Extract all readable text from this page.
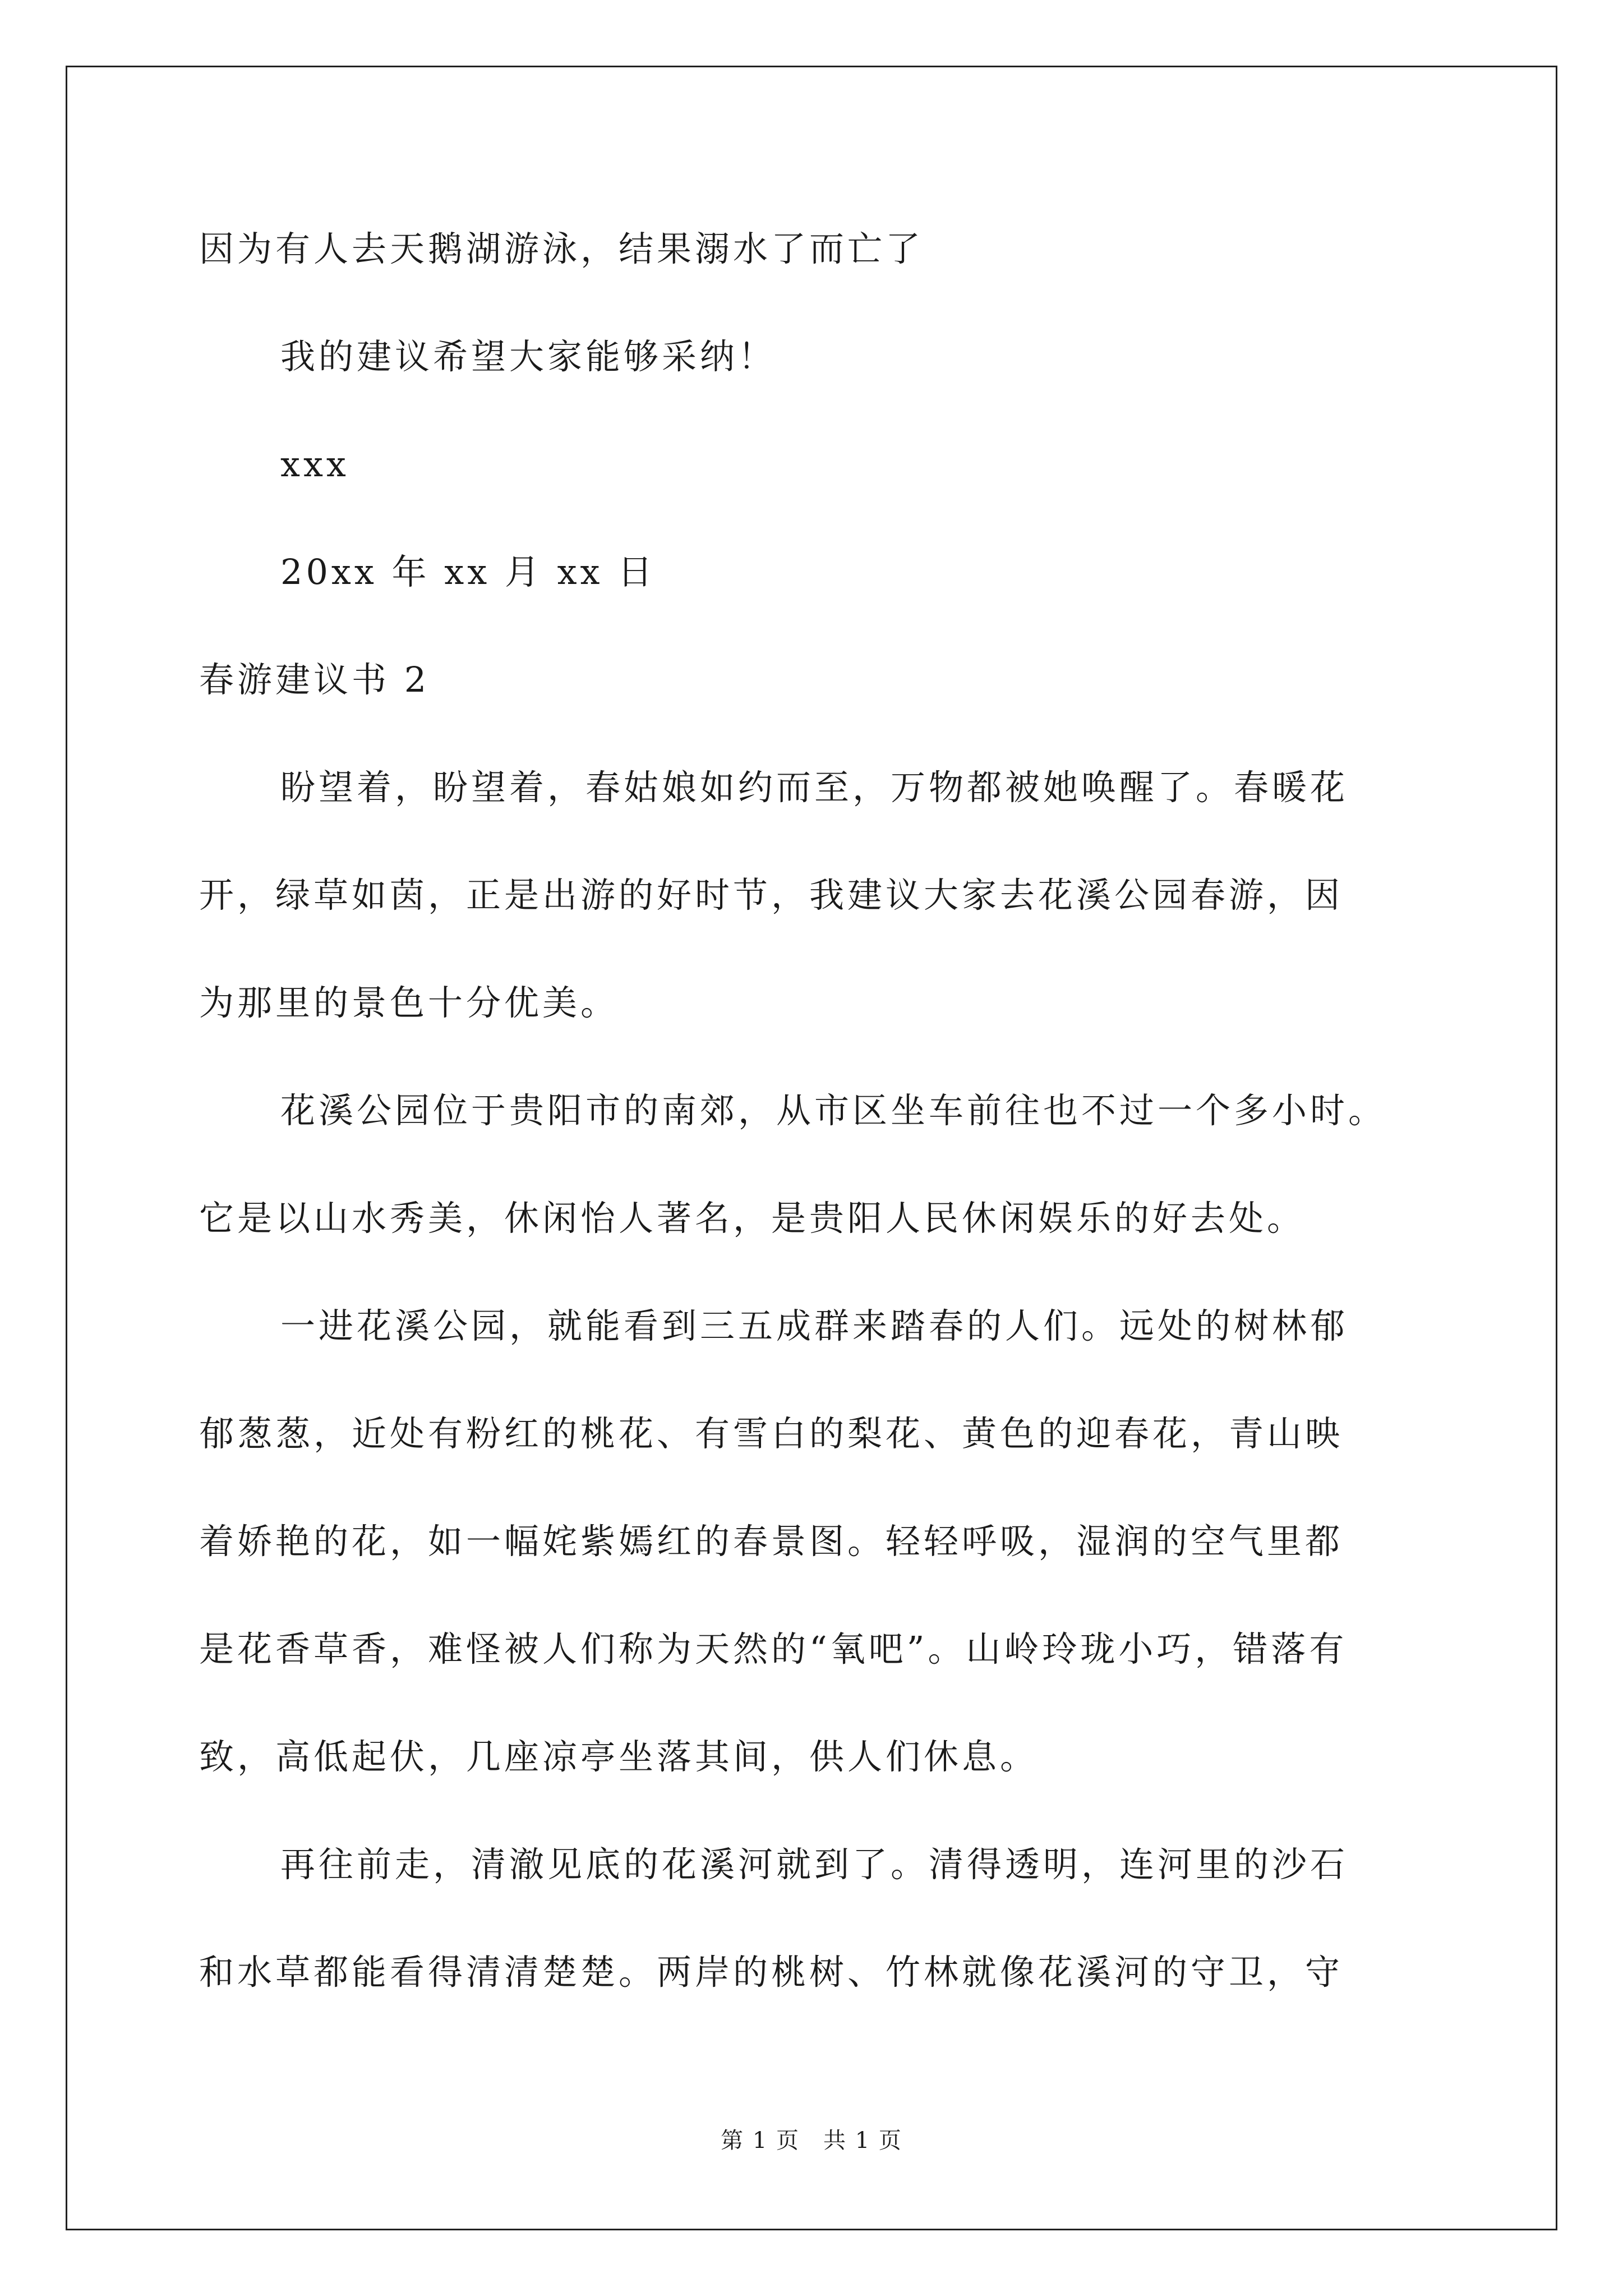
因为有人去天鹅湖游泳，结果溺水了而亡了
我的建议希望大家能够采纳！
xxx
20xx 年 xx 月 xx 日
春游建议书 2
盼望着，盼望着，春姑娘如约而至，万物都被她唤醒了。春暖花
开，绿草如茵，正是出游的好时节，我建议大家去花溪公园春游，因
为那里的景色十分优美。
花溪公园位于贵阳市的南郊，从市区坐车前往也不过一个多小时。
它是以山水秀美，休闲怡人著名，是贵阳人民休闲娱乐的好去处。
一进花溪公园，就能看到三五成群来踏春的人们。远处的树林郁
郁葱葱，近处有粉红的桃花、有雪白的梨花、黄色的迎春花，青山映
着娇艳的花，如一幅姹紫嫣红的春景图。轻轻呼吸，湿润的空气里都
是花香草香，难怪被人们称为天然的“氧吧”。山岭玲珑小巧，错落有
致，高低起伏，几座凉亭坐落其间，供人们休息。
再往前走，清澈见底的花溪河就到了。清得透明，连河里的沙石
和水草都能看得清清楚楚。两岸的桃树、竹林就像花溪河的守卫，守
第 1 页　共 1 页
